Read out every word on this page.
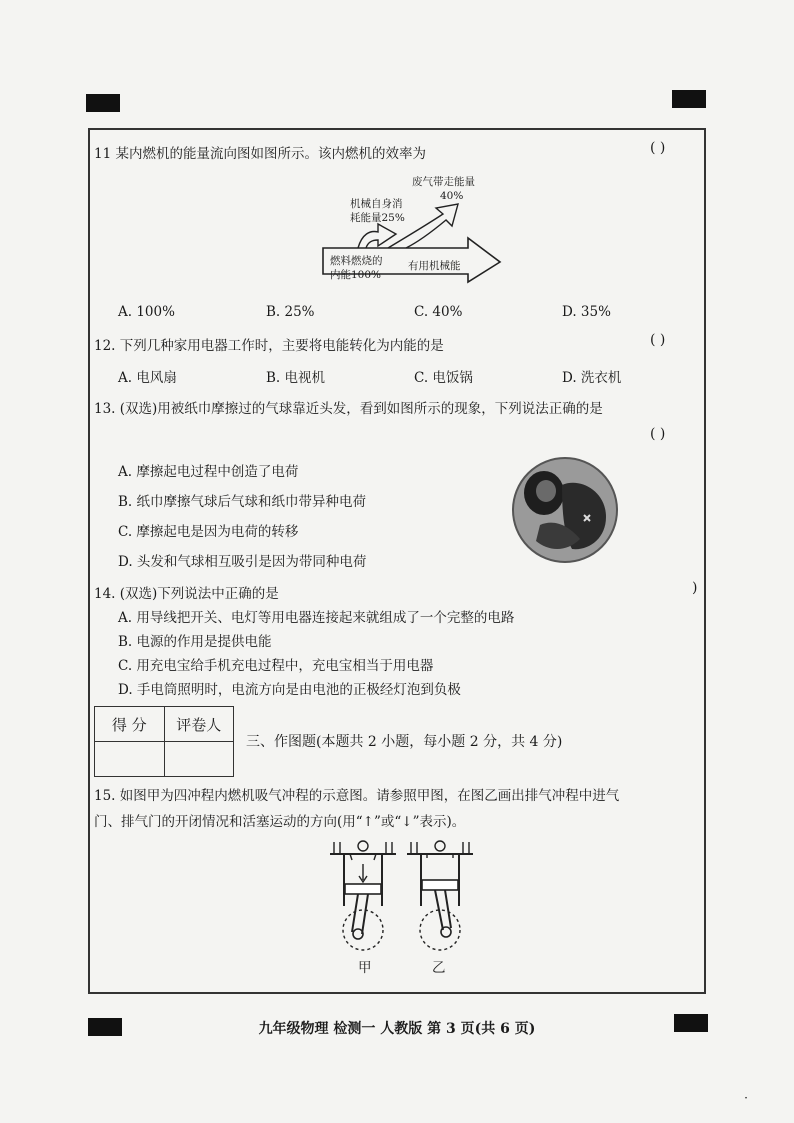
11 某内燃机的能量流向图如图所示。该内燃机的效率为	( )
废气带走能量
40%
机械自身消
耗能量25%
燃料燃烧的
内能100%
有用机械能
A. 100%	B. 25%	C. 40%	D. 35%
12. 下列几种家用电器工作时，主要将电能转化为内能的是	( )
A. 电风扇	B. 电视机	C. 电饭锅	D. 洗衣机
13. (双选)用被纸巾摩擦过的气球靠近头发，看到如图所示的现象，下列说法正确的是
( )
A. 摩擦起电过程中创造了电荷
B. 纸巾摩擦气球后气球和纸巾带异种电荷
C. 摩擦起电是因为电荷的转移
D. 头发和气球相互吸引是因为带同种电荷
14. (双选)下列说法中正确的是	)
A. 用导线把开关、电灯等用电器连接起来就组成了一个完整的电路
B. 电源的作用是提供电能
C. 用充电宝给手机充电过程中，充电宝相当于用电器
D. 手电筒照明时，电流方向是由电池的正极经灯泡到负极
得 分	评卷人

三、作图题(本题共 2 小题，每小题 2 分，共 4 分)
15. 如图甲为四冲程内燃机吸气冲程的示意图。请参照甲图，在图乙画出排气冲程中进气
门、排气门的开闭情况和活塞运动的方向(用“↑”或“↓”表示)。
甲	乙
九年级物理 检测一 人教版 第 3 页(共 6 页)
·
